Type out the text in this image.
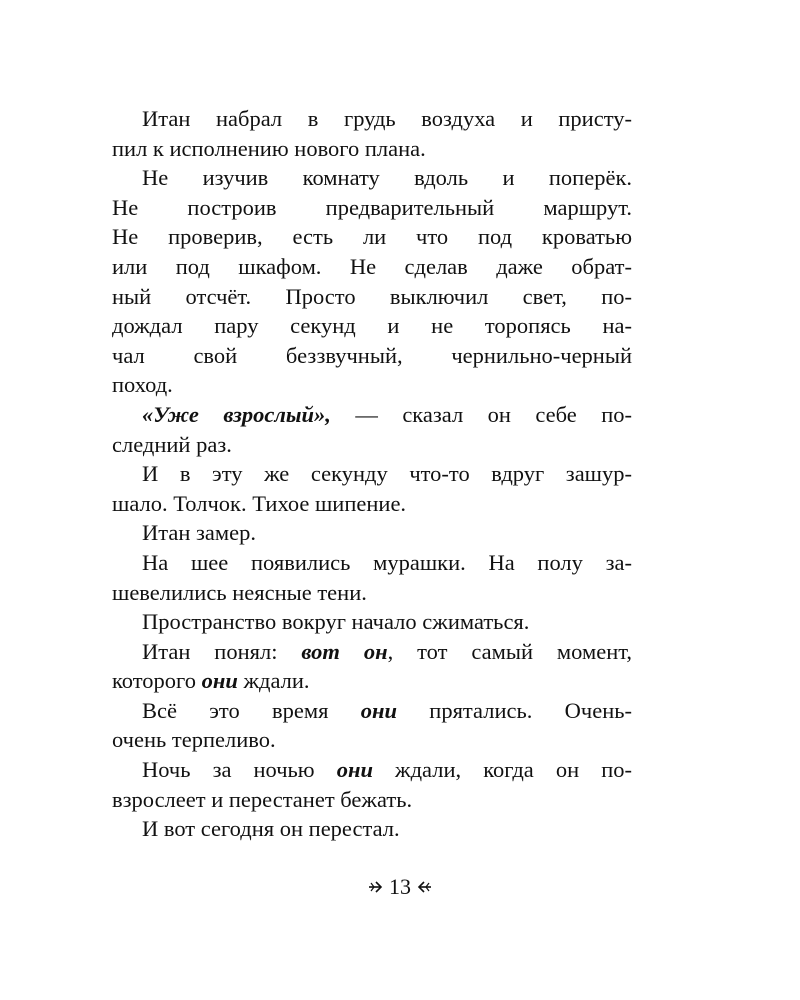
Итан набрал в грудь воздуха и присту-
пил к исполнению нового плана.
Не изучив комнату вдоль и поперёк.
Не построив предварительный маршрут.
Не проверив, есть ли что под кроватью
или под шкафом. Не сделав даже обрат-
ный отсчёт. Просто выключил свет, по-
дождал пару секунд и не торопясь на-
чал свой беззвучный, чернильно-черный
поход.
«Уже взрослый», — сказал он себе по-
следний раз.
И в эту же секунду что-то вдруг зашур-
шало. Толчок. Тихое шипение.
Итан замер.
На шее появились мурашки. На полу за-
шевелились неясные тени.
Пространство вокруг начало сжиматься.
Итан понял: вот он, тот самый момент,
которого они ждали.
Всё это время они прятались. Очень-
очень терпеливо.
Ночь за ночью они ждали, когда он по-
взрослеет и перестанет бежать.
И вот сегодня он перестал.
13
